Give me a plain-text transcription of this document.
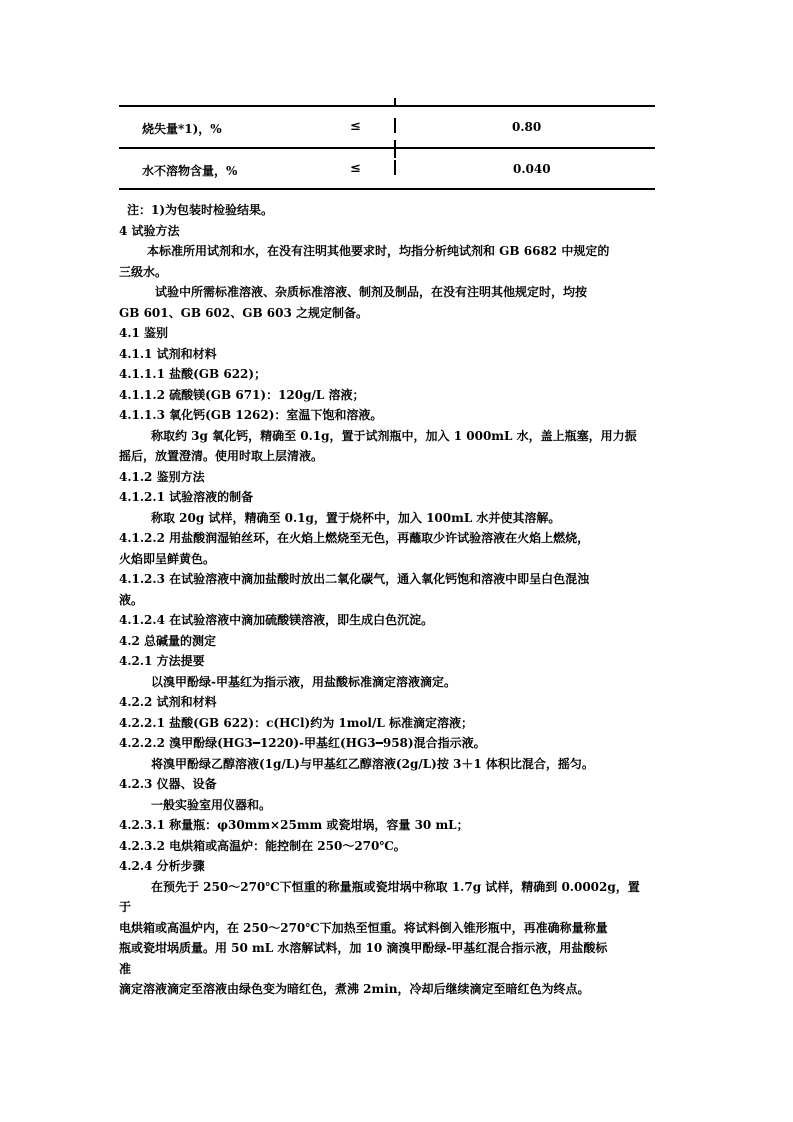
烧失量*1)，%	≤	0.80
水不溶物含量，%	≤	0.040
注：1)为包装时检验结果。
4 试验方法
本标准所用试剂和水，在没有注明其他要求时，均指分析纯试剂和 GB 6682 中规定的
三级水。
试验中所需标准溶液、杂质标准溶液、制剂及制品，在没有注明其他规定时，均按
GB 601、GB 602、GB 603 之规定制备。
4.1 鉴别
4.1.1 试剂和材料
4.1.1.1 盐酸(GB 622)；
4.1.1.2 硫酸镁(GB 671)：120g/L 溶液；
4.1.1.3 氧化钙(GB 1262)：室温下饱和溶液。
称取约 3g 氧化钙，精确至 0.1g，置于试剂瓶中，加入 1 000mL 水，盖上瓶塞，用力振
摇后，放置澄清。使用时取上层清液。
4.1.2 鉴别方法
4.1.2.1 试验溶液的制备
称取 20g 试样，精确至 0.1g，置于烧杯中，加入 100mL 水并使其溶解。
4.1.2.2 用盐酸润湿铂丝环，在火焰上燃烧至无色，再蘸取少许试验溶液在火焰上燃烧，
火焰即呈鲜黄色。
4.1.2.3 在试验溶液中滴加盐酸时放出二氧化碳气，通入氧化钙饱和溶液中即呈白色混浊
液。
4.1.2.4 在试验溶液中滴加硫酸镁溶液，即生成白色沉淀。
4.2 总碱量的测定
4.2.1 方法提要
以溴甲酚绿-甲基红为指示液，用盐酸标准滴定溶液滴定。
4.2.2 试剂和材料
4.2.2.1 盐酸(GB 622)：c(HCl)约为 1mol/L 标准滴定溶液；
4.2.2.2 溴甲酚绿(HG3━1220)-甲基红(HG3━958)混合指示液。
将溴甲酚绿乙醇溶液(1g/L)与甲基红乙醇溶液(2g/L)按 3＋1 体积比混合，摇匀。
4.2.3 仪器、设备
一般实验室用仪器和。
4.2.3.1 称量瓶：φ30mm×25mm 或瓷坩埚，容量 30 mL；
4.2.3.2 电烘箱或高温炉：能控制在 250～270℃。
4.2.4 分析步骤
在预先于 250～270℃下恒重的称量瓶或瓷坩埚中称取 1.7g 试样，精确到 0.0002g，置
于
电烘箱或高温炉内，在 250～270℃下加热至恒重。将试料倒入锥形瓶中，再准确称量称量
瓶或瓷坩埚质量。用 50 mL 水溶解试料，加 10 滴溴甲酚绿-甲基红混合指示液，用盐酸标
准
滴定溶液滴定至溶液由绿色变为暗红色，煮沸 2min，冷却后继续滴定至暗红色为终点。
